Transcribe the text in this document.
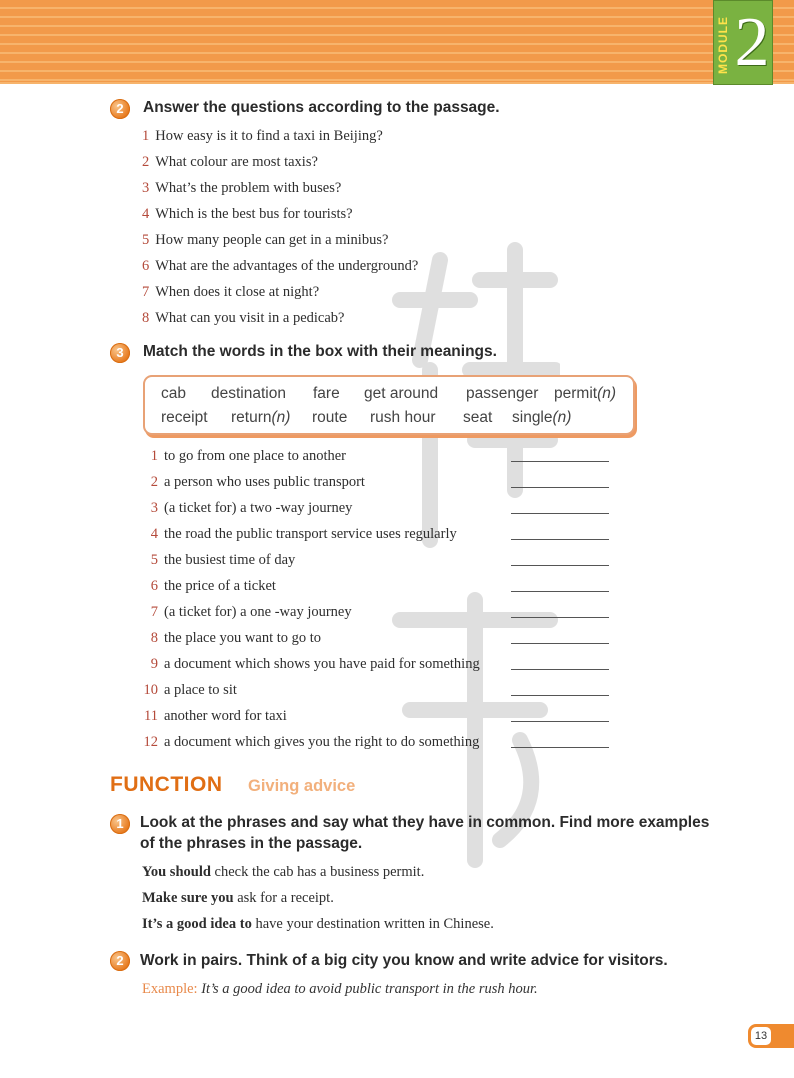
MODULE 2
2	Answer the questions according to the passage.
1 How easy is it to find a taxi in Beijing?
2 What colour are most taxis?
3 What’s the problem with buses?
4 Which is the best bus for tourists?
5 How many people can get in a minibus?
6 What are the advantages of the underground?
7 When does it close at night?
8 What can you visit in a pedicab?
3	Match the words in the box with their meanings.
cab destination fare get around passenger permit(n)
receipt return(n) route rush hour seat single(n)
1 to go from one place to another
2 a person who uses public transport
3 (a ticket for) a two -way journey
4 the road the public transport service uses regularly
5 the busiest time of day
6 the price of a ticket
7 (a ticket for) a one -way journey
8 the place you want to go to
9 a document which shows you have paid for something
10 a place to sit
11 another word for taxi
12 a document which gives you the right to do something
FUNCTION Giving advice
1	Look at the phrases and say what they have in common. Find more examples
of the phrases in the passage.
You should check the cab has a business permit.
Make sure you ask for a receipt.
It’s a good idea to have your destination written in Chinese.
2	Work in pairs. Think of a big city you know and write advice for visitors.
Example: It’s a good idea to avoid public transport in the rush hour.
13
